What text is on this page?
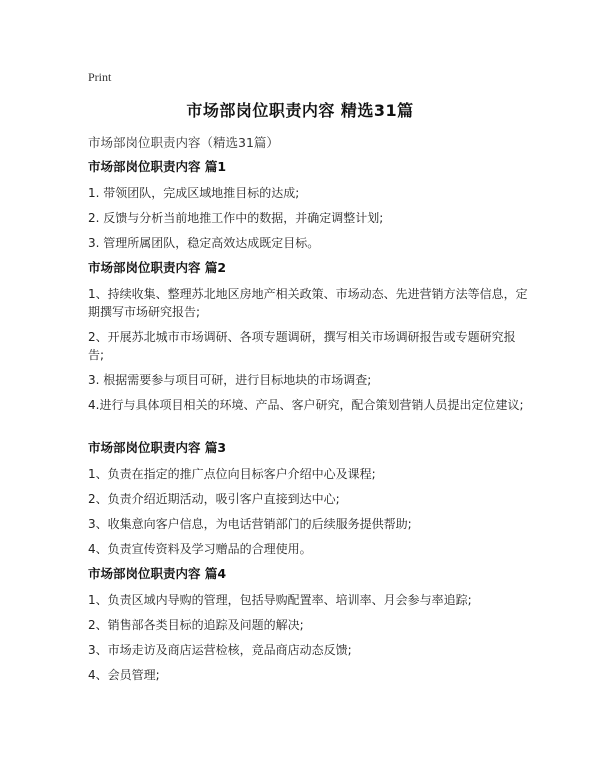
Print
市场部岗位职责内容 精选31篇
市场部岗位职责内容（精选31篇）
市场部岗位职责内容 篇1
1. 带领团队，完成区域地推目标的达成;
2. 反馈与分析当前地推工作中的数据，并确定调整计划;
3. 管理所属团队，稳定高效达成既定目标。
市场部岗位职责内容 篇2
1、持续收集、整理苏北地区房地产相关政策、市场动态、先进营销方法等信息，定期撰写市场研究报告;
2、开展苏北城市市场调研、各项专题调研，撰写相关市场调研报告或专题研究报告;
3. 根据需要参与项目可研，进行目标地块的市场调查;
4.进行与具体项目相关的环境、产品、客户研究，配合策划营销人员提出定位建议;
市场部岗位职责内容 篇3
1、负责在指定的推广点位向目标客户介绍中心及课程;
2、负责介绍近期活动，吸引客户直接到达中心;
3、收集意向客户信息，为电话营销部门的后续服务提供帮助;
4、负责宣传资料及学习赠品的合理使用。
市场部岗位职责内容 篇4
1、负责区域内导购的管理，包括导购配置率、培训率、月会参与率追踪;
2、销售部各类目标的追踪及问题的解决;
3、市场走访及商店运营检核，竞品商店动态反馈;
4、会员管理;
